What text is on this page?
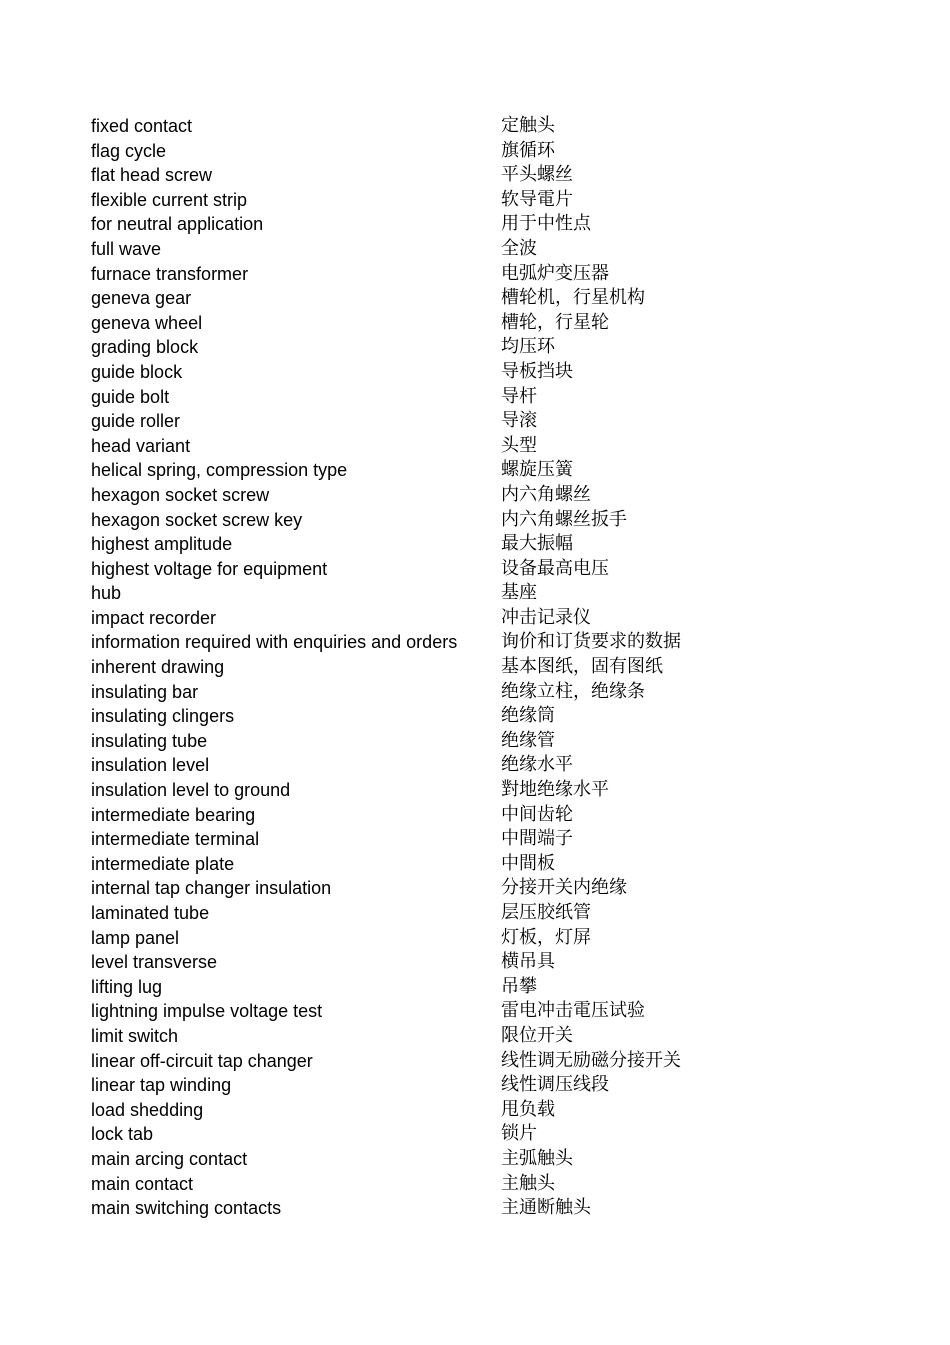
fixed contact	定触头
flag cycle	旗循环
flat head screw	平头螺丝
flexible current strip	软导電片
for neutral application	用于中性点
full wave	全波
furnace transformer	电弧炉变压器
geneva gear	槽轮机，行星机构
geneva wheel	槽轮，行星轮
grading block	均压环
guide block	导板挡块
guide bolt	导杆
guide roller	导滚
head variant	头型
helical spring, compression type	螺旋压簧
hexagon socket screw	内六角螺丝
hexagon socket screw key	内六角螺丝扳手
highest amplitude	最大振幅
highest voltage for equipment	设备最高电压
hub	基座
impact recorder	冲击记录仪
information required with enquiries and orders	询价和订货要求的数据
inherent drawing	基本图纸，固有图纸
insulating bar	绝缘立柱，绝缘条
insulating clingers	绝缘筒
insulating tube	绝缘管
insulation level	绝缘水平
insulation level to ground	對地绝缘水平
intermediate bearing	中间齿轮
intermediate terminal	中間端子
intermediate plate	中間板
internal tap changer insulation	分接开关内绝缘
laminated tube	层压胶纸管
lamp panel	灯板，灯屏
level transverse	横吊具
lifting lug	吊攀
lightning impulse voltage test	雷电冲击電压试验
limit switch	限位开关
linear off-circuit tap changer	线性调无励磁分接开关
linear tap winding	线性调压线段
load shedding	甩负载
lock tab	锁片
main arcing contact	主弧触头
main contact	主触头
main switching contacts	主通断触头
